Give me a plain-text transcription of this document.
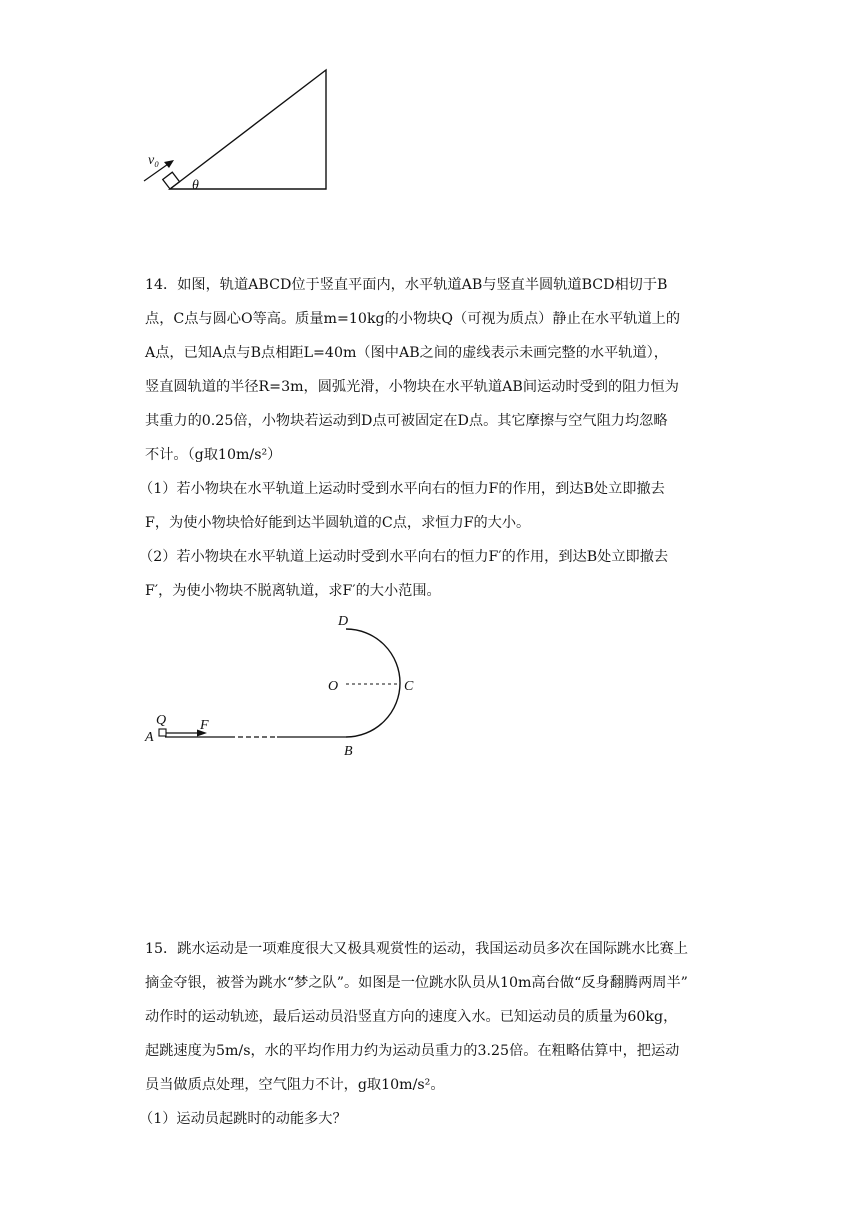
v₀
θ
14．如图，轨道ABCD位于竖直平面内，水平轨道AB与竖直半圆轨道BCD相切于B
点，C点与圆心O等高。质量m=10kg的小物块Q（可视为质点）静止在水平轨道上的
A点，已知A点与B点相距L=40m（图中AB之间的虚线表示未画完整的水平轨道），
竖直圆轨道的半径R=3m，圆弧光滑，小物块在水平轨道AB间运动时受到的阻力恒为
其重力的0.25倍，小物块若运动到D点可被固定在D点。其它摩擦与空气阻力均忽略
不计。（g取10m/s²）
（1）若小物块在水平轨道上运动时受到水平向右的恒力F的作用，到达B处立即撤去
F，为使小物块恰好能到达半圆轨道的C点，求恒力F的大小。
（2）若小物块在水平轨道上运动时受到水平向右的恒力F′的作用，到达B处立即撤去
F′，为使小物块不脱离轨道，求F′的大小范围。
D
O	C
Q F
A
B
15．跳水运动是一项难度很大又极具观赏性的运动，我国运动员多次在国际跳水比赛上
摘金夺银，被誉为跳水“梦之队”。如图是一位跳水队员从10m高台做“反身翻腾两周半”
动作时的运动轨迹，最后运动员沿竖直方向的速度入水。已知运动员的质量为60kg，
起跳速度为5m/s，水的平均作用力约为运动员重力的3.25倍。在粗略估算中，把运动
员当做质点处理，空气阻力不计，g取10m/s²。
（1）运动员起跳时的动能多大？
